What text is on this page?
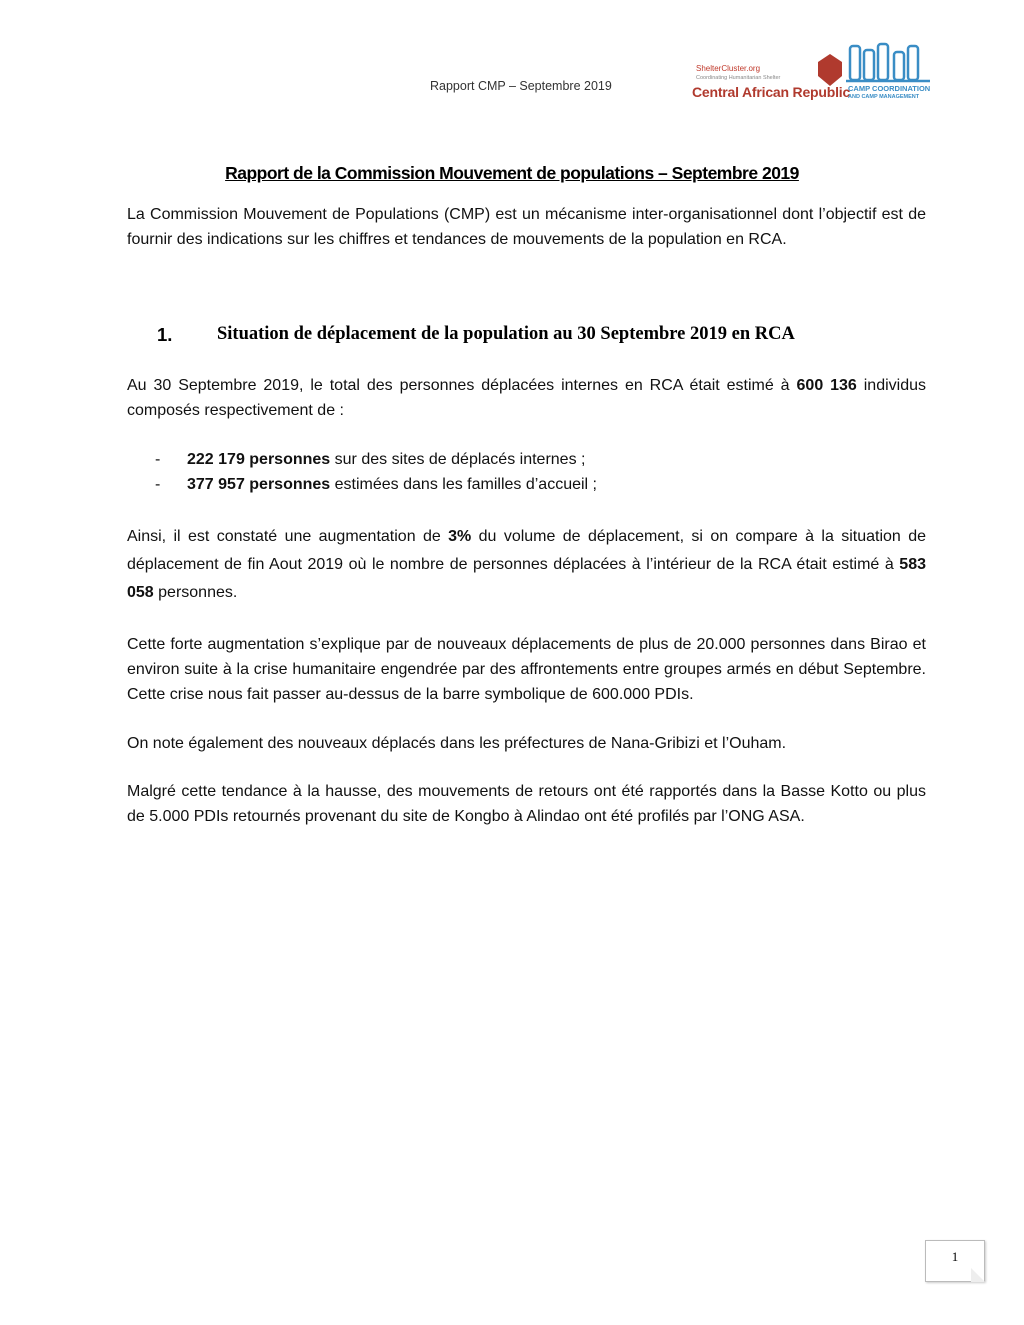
Rapport CMP – Septembre 2019
ShelterCluster.org
Coordinating Humanitarian Shelter
Central African Republic
CAMP COORDINATION
AND CAMP MANAGEMENT
Rapport de la Commission Mouvement de populations – Septembre 2019
La Commission Mouvement de Populations (CMP) est un mécanisme inter-organisationnel dont l’objectif est de fournir des indications sur les chiffres et tendances de mouvements de la population en RCA.
1. Situation de déplacement de la population au 30 Septembre 2019 en RCA
Au 30 Septembre 2019, le total des personnes déplacées internes en RCA était estimé à 600 136 individus composés respectivement de :
-	222 179 personnes sur des sites de déplacés internes ;
-	377 957 personnes estimées dans les familles d’accueil ;
Ainsi, il est constaté une augmentation de 3% du volume de déplacement, si on compare à la situation de déplacement de fin Aout 2019 où le nombre de personnes déplacées à l’intérieur de la RCA était estimé à 583 058 personnes.
Cette forte augmentation s’explique par de nouveaux déplacements de plus de 20.000 personnes dans Birao et environ suite à la crise humanitaire engendrée par des affrontements entre groupes armés en début Septembre. Cette crise nous fait passer au-dessus de la barre symbolique de 600.000 PDIs.
On note également des nouveaux déplacés dans les préfectures de Nana-Gribizi et l’Ouham.
Malgré cette tendance à la hausse, des mouvements de retours ont été rapportés dans la Basse Kotto ou plus de 5.000 PDIs retournés provenant du site de Kongbo à Alindao ont été profilés par l’ONG ASA.
1
